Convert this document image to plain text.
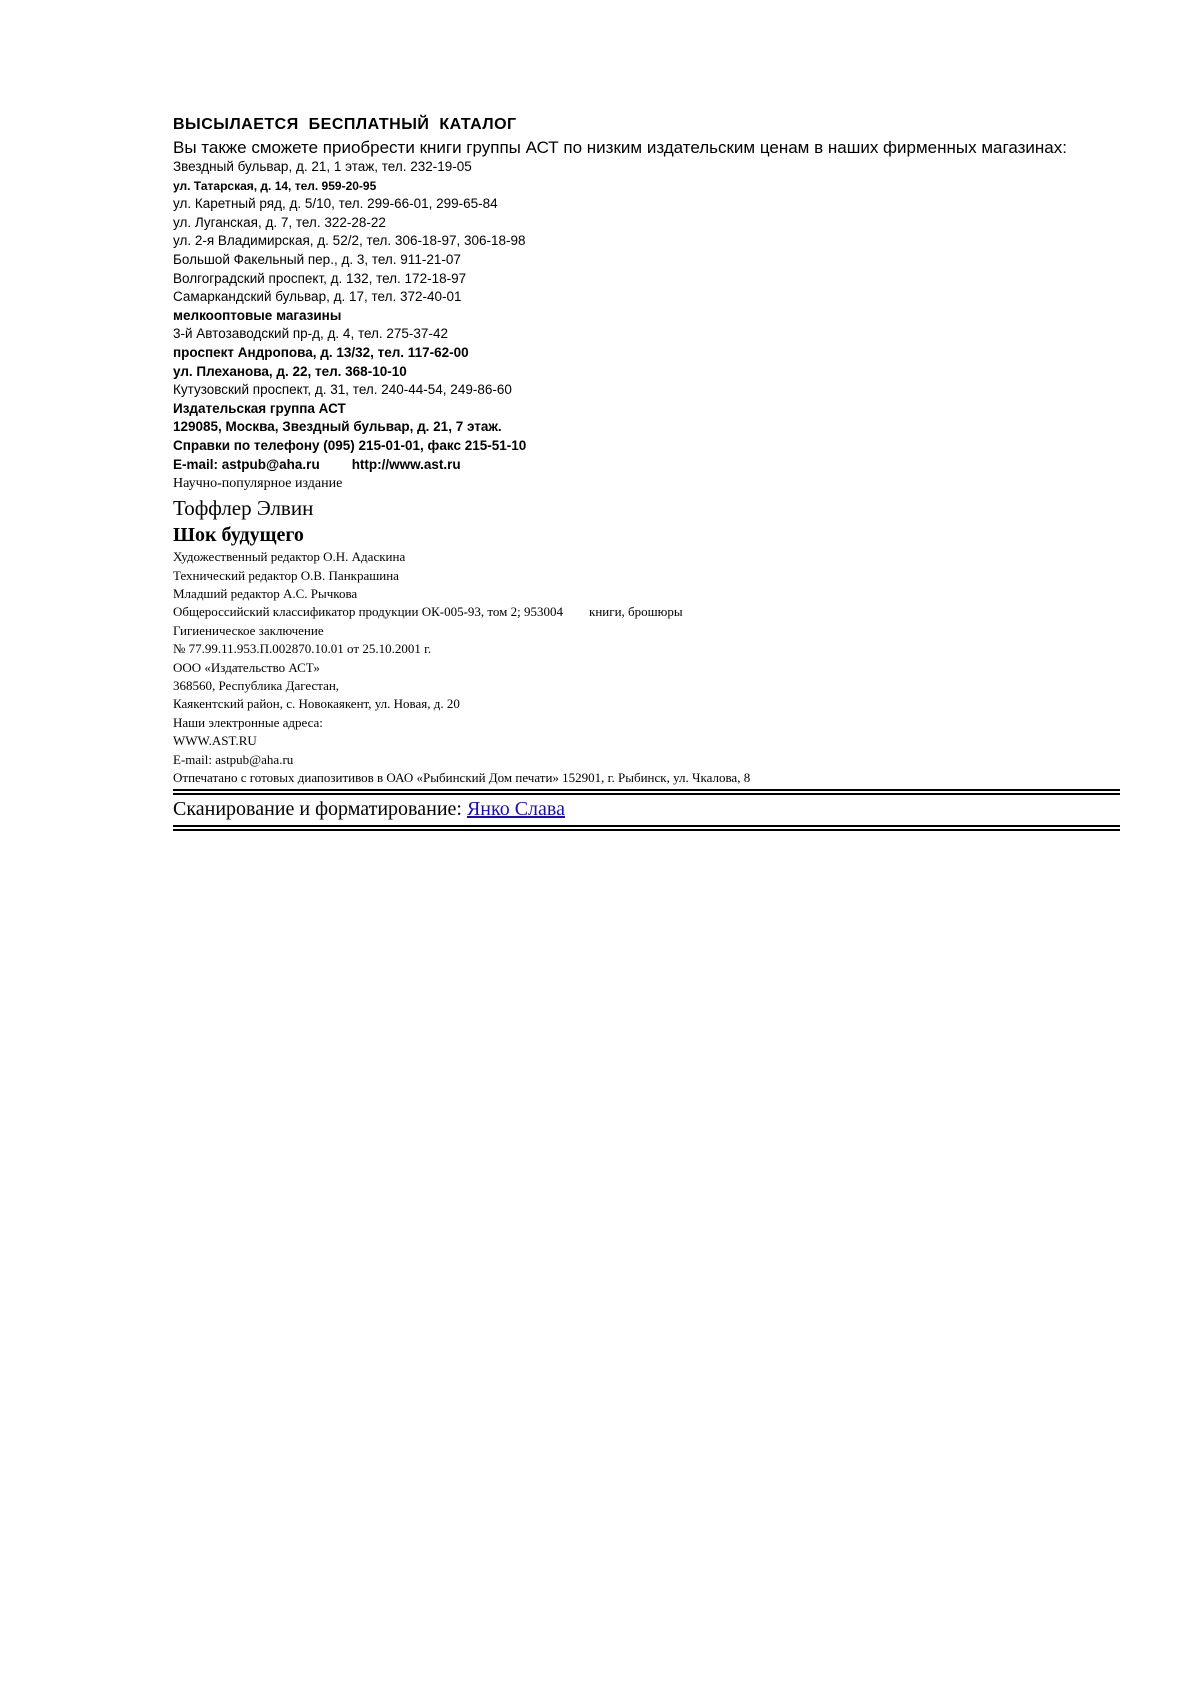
ВЫСЫЛАЕТСЯ БЕСПЛАТНЫЙ КАТАЛОГ
Вы также сможете приобрести книги группы АСТ по низким издательским ценам в наших фирменных магазинах:
Звездный бульвар, д. 21, 1 этаж, тел. 232-19-05
ул. Татарская, д. 14, тел. 959-20-95
ул. Каретный ряд, д. 5/10, тел. 299-66-01, 299-65-84
ул. Луганская, д. 7, тел. 322-28-22
ул. 2-я Владимирская, д. 52/2, тел. 306-18-97, 306-18-98
Большой Факельный пер., д. 3, тел. 911-21-07
Волгоградский проспект, д. 132, тел. 172-18-97
Самаркандский бульвар, д. 17, тел. 372-40-01
мелкооптовые магазины
3-й Автозаводский пр-д, д. 4, тел. 275-37-42
проспект Андропова, д. 13/32, тел. 117-62-00
ул. Плеханова, д. 22, тел. 368-10-10
Кутузовский проспект, д. 31, тел. 240-44-54, 249-86-60
Издательская группа АСТ
129085, Москва, Звездный бульвар, д. 21, 7 этаж.
Справки по телефону (095) 215-01-01, факс 215-51-10
E-mail: astpub@aha.ru http://www.ast.ru
Научно-популярное издание
Тоффлер Элвин
Шок будущего
Художественный редактор О.Н. Адаскина
Технический редактор О.В. Панкрашина
Младший редактор А.С. Рычкова
Общероссийский классификатор продукции ОК-005-93, том 2; 953004 книги, брошюры
Гигиеническое заключение
№ 77.99.11.953.П.002870.10.01 от 25.10.2001 г.
ООО «Издательство АСТ»
368560, Республика Дагестан,
Каякентский район, с. Новокаякент, ул. Новая, д. 20
Наши электронные адреса:
WWW.AST.RU
E-mail: astpub@aha.ru
Отпечатано с готовых диапозитивов в ОАО «Рыбинский Дом печати» 152901, г. Рыбинск, ул. Чкалова, 8
Сканирование и форматирование: Янко Слава
